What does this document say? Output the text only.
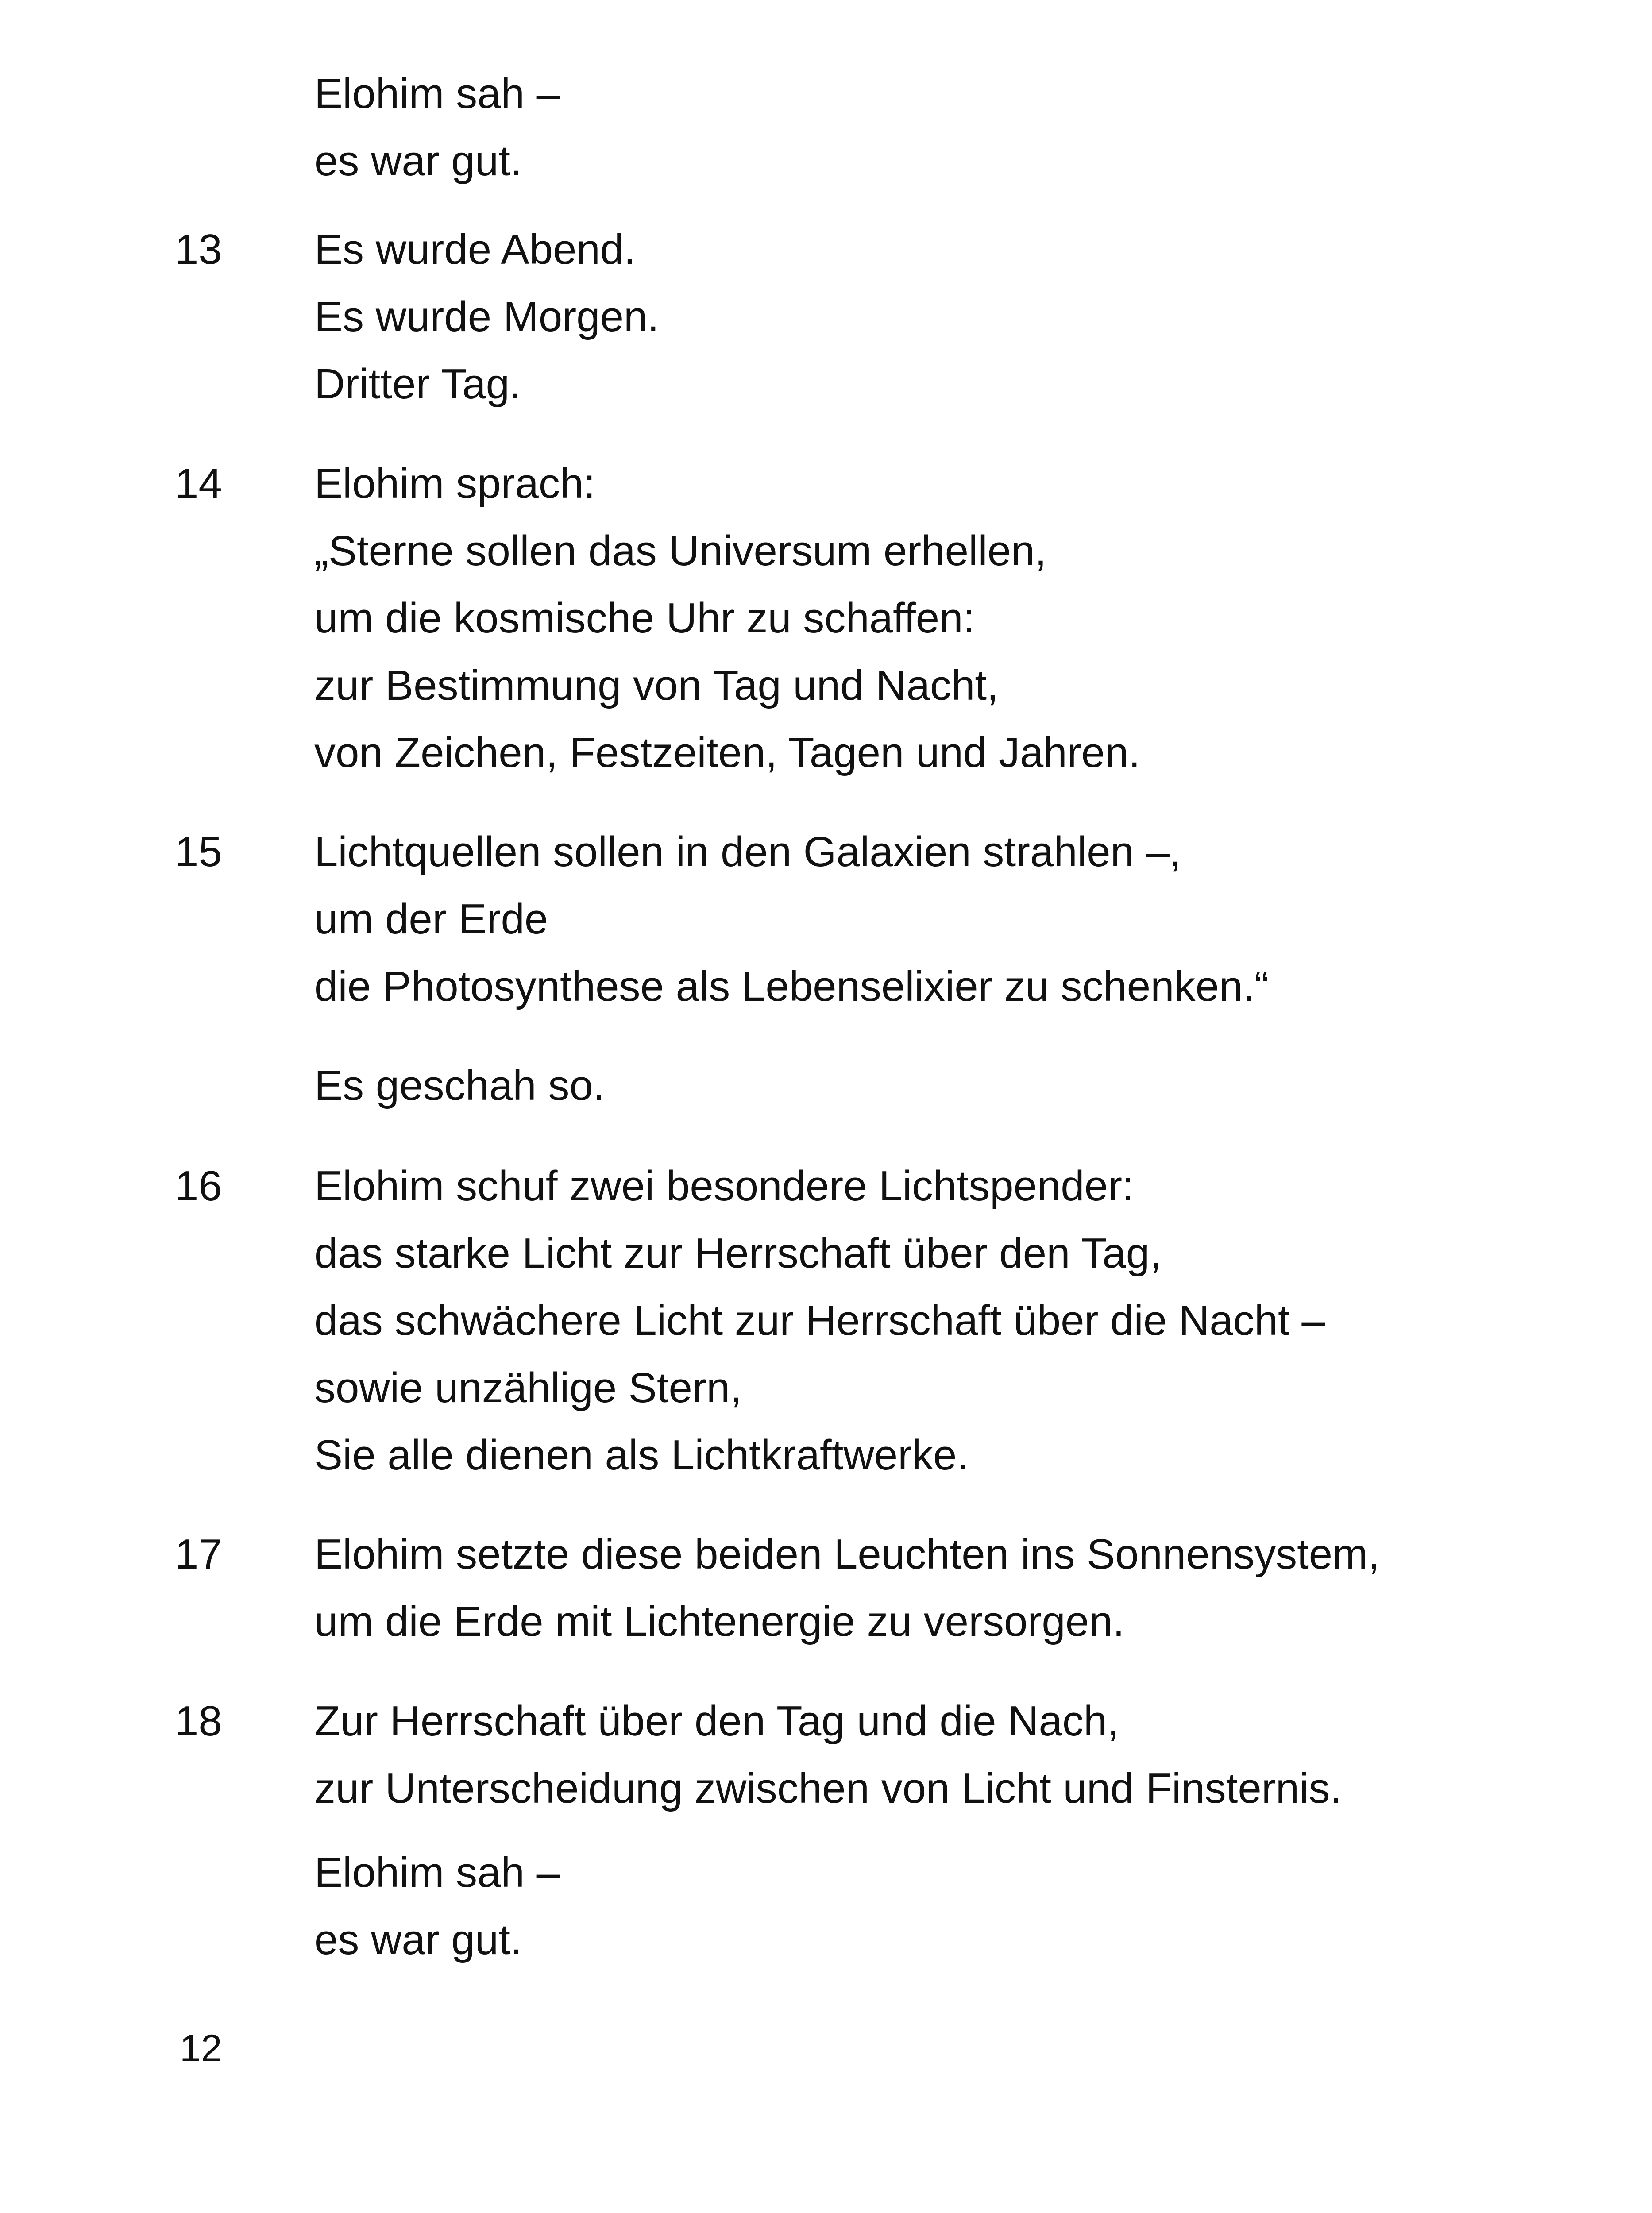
Elohim sah –
es war gut.
13 Es wurde Abend.
Es wurde Morgen.
Dritter Tag.
14 Elohim sprach:
„Sterne sollen das Universum erhellen,
um die kosmische Uhr zu schaffen:
zur Bestimmung von Tag und Nacht,
von Zeichen, Festzeiten, Tagen und Jahren.
15 Lichtquellen sollen in den Galaxien strahlen –,
um der Erde
die Photosynthese als Lebenselixier zu schenken.“
Es geschah so.
16 Elohim schuf zwei besondere Lichtspender:
das starke Licht zur Herrschaft über den Tag,
das schwächere Licht zur Herrschaft über die Nacht –
sowie unzählige Stern,
Sie alle dienen als Lichtkraftwerke.
17 Elohim setzte diese beiden Leuchten ins Sonnensystem,
um die Erde mit Lichtenergie zu versorgen.
18 Zur Herrschaft über den Tag und die Nach,
zur Unterscheidung zwischen von Licht und Finsternis.
Elohim sah –
es war gut.
12
